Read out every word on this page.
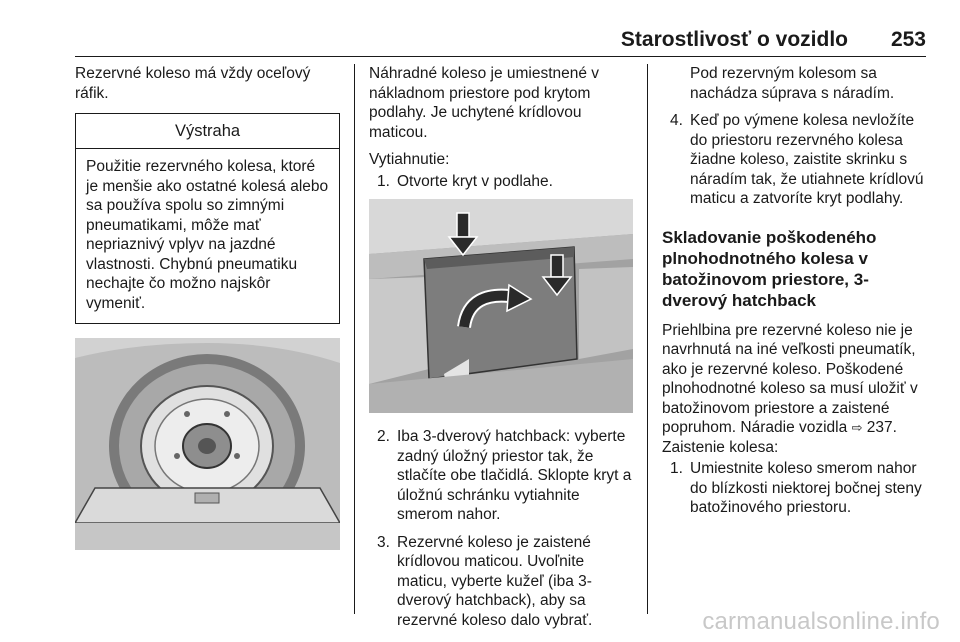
Starostlivosť o vozidlo 253

Rezervné koleso má vždy oceľový ráfik.

Výstraha
Použitie rezervného kolesa, ktoré je menšie ako ostatné kolesá alebo sa používa spolu so zimnými pneumatikami, môže mať nepriaznivý vplyv na jazdné vlastnosti. Chybnú pneumatiku nechajte čo možno najskôr vymeniť.

Náhradné koleso je umiestnené v nákladnom priestore pod krytom podlahy. Je uchytené krídlovou maticou.

Vytiahnutie:

1. Otvorte kryt v podlahe.
2. Iba 3-dverový hatchback: vyberte zadný úložný priestor tak, že stlačíte obe tlačidlá. Sklopte kryt a úložnú schránku vytiahnite smerom nahor.
3. Rezervné koleso je zaistené krídlovou maticou. Uvoľnite maticu, vyberte kužeľ (iba 3-dverový hatchback), aby sa rezervné koleso dalo vybrať.
Pod rezervným kolesom sa nachádza súprava s náradím.
4. Keď po výmene kolesa nevložíte do priestoru rezervného kolesa žiadne koleso, zaistite skrinku s náradím tak, že utiahnete krídlovú maticu a zatvoríte kryt podlahy.
Skladovanie poškodeného plnohodnotného kolesa v batožinovom priestore, 3-dverový hatchback

Priehlbina pre rezervné koleso nie je navrhnutá na iné veľkosti pneumatík, ako je rezervné koleso. Poškodené plnohodnotné koleso sa musí uložiť v batožinovom priestore a zaistené popruhom. Náradie vozidla ⇨ 237.

Zaistenie kolesa:

1. Umiestnite koleso smerom nahor do blízkosti niektorej bočnej steny batožinového priestoru.
carmanualsonline.info
